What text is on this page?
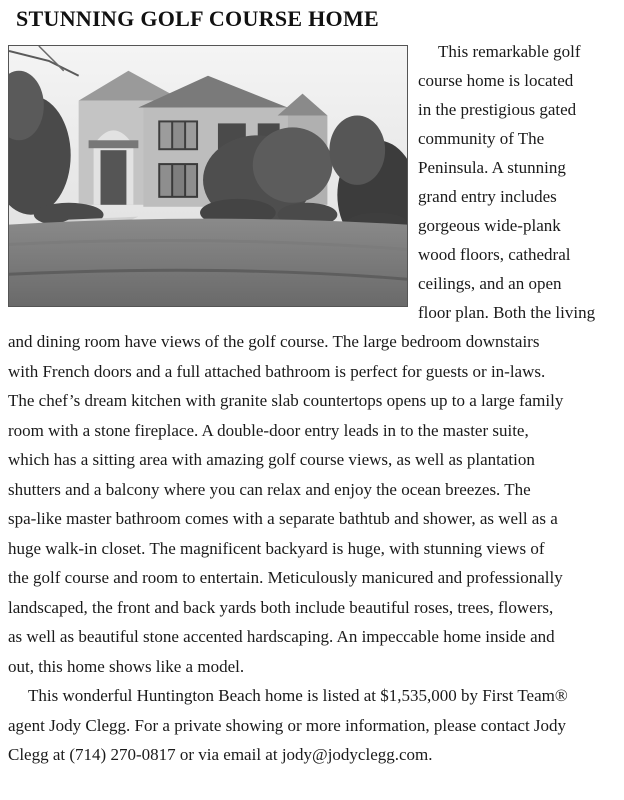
STUNNING GOLF COURSE HOME
This remarkable golf
course home is located
in the prestigious gated
community of The
Peninsula. A stunning
grand entry includes
gorgeous wide-plank
wood floors, cathedral
ceilings, and an open
floor plan. Both the living
and dining room have views of the golf course. The large bedroom downstairs
with French doors and a full attached bathroom is perfect for guests or in-laws.
The chef’s dream kitchen with granite slab countertops opens up to a large family
room with a stone fireplace. A double-door entry leads in to the master suite,
which has a sitting area with amazing golf course views, as well as plantation
shutters and a balcony where you can relax and enjoy the ocean breezes. The
spa-like master bathroom comes with a separate bathtub and shower, as well as a
huge walk-in closet. The magnificent backyard is huge, with stunning views of
the golf course and room to entertain. Meticulously manicured and professionally
landscaped, the front and back yards both include beautiful roses, trees, flowers,
as well as beautiful stone accented hardscaping. An impeccable home inside and
out, this home shows like a model.
This wonderful Huntington Beach home is listed at $1,535,000 by First Team®
agent Jody Clegg. For a private showing or more information, please contact Jody
Clegg at (714) 270-0817 or via email at jody@jodyclegg.com.
